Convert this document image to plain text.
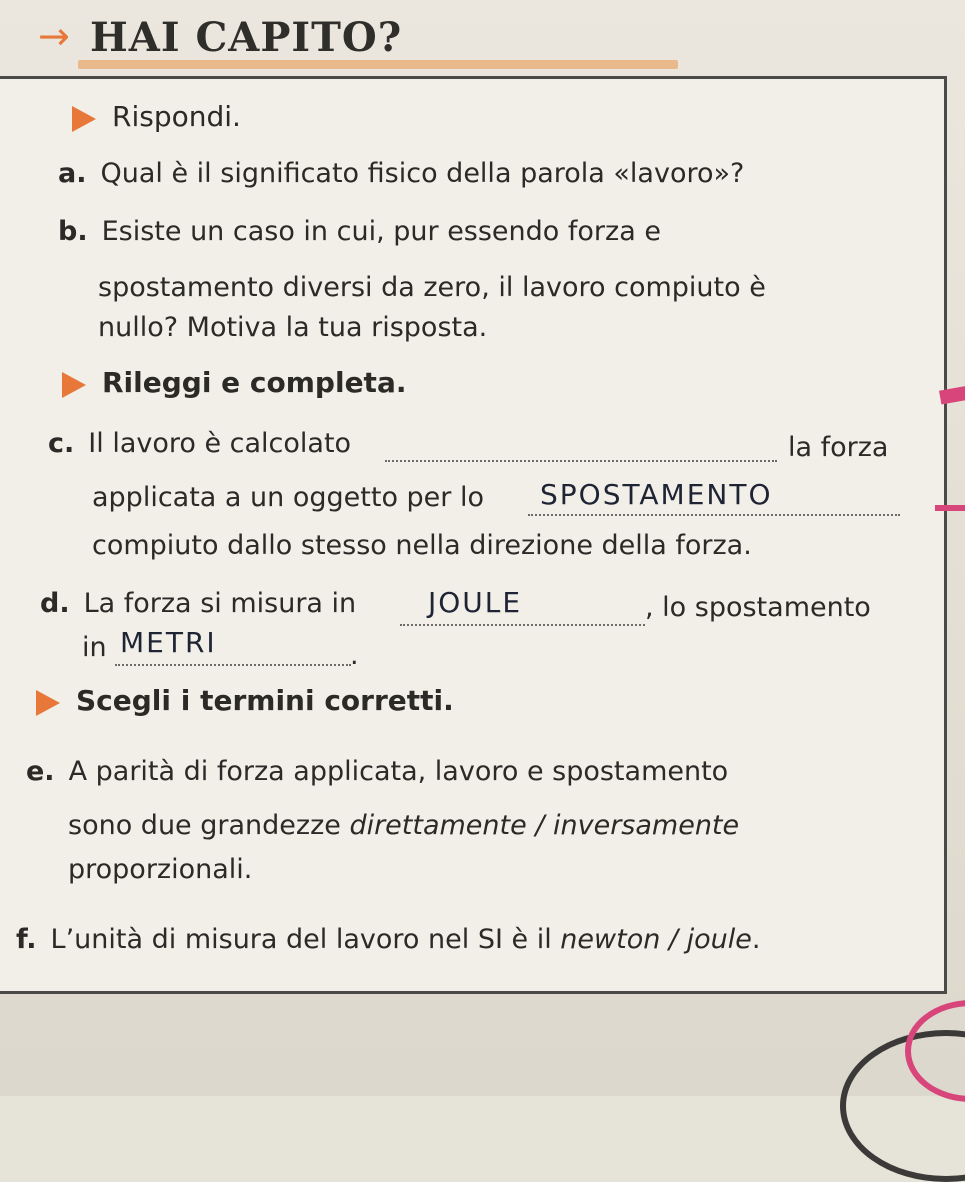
→ HAI CAPITO?
Rispondi.
a. Qual è il significato fisico della parola «lavoro»?
b. Esiste un caso in cui, pur essendo forza e
spostamento diversi da zero, il lavoro compiuto è
nullo? Motiva la tua risposta.
Rileggi e completa.
c. Il lavoro è calcolato	la forza
applicata a un oggetto per lo SPOSTAMENTO
compiuto dallo stesso nella direzione della forza.
d. La forza si misura in	JOULE	, lo spostamento
in METRI	.
Scegli i termini corretti.
e. A parità di forza applicata, lavoro e spostamento
sono due grandezze direttamente / inversamente
proporzionali.
f. L’unità di misura del lavoro nel SI è il newton / joule.
